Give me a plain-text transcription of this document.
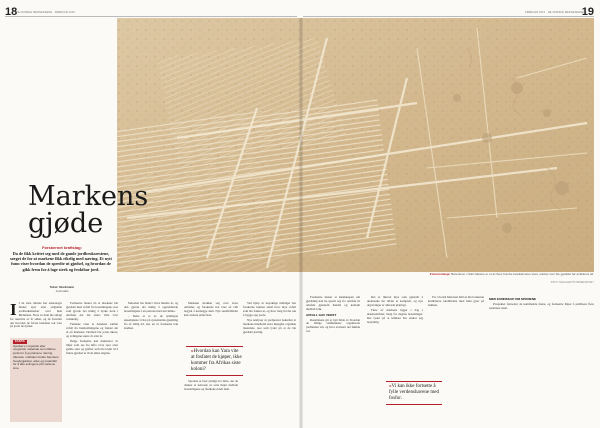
18	19
DE NORSKE MENNESKENE · FEBRUAR 2015	FEBRUAR 2015 · DE NORSKE MENNESKENE
Fotomontasje: Bare Eiver i Nubi-habene er et av flere hundre kvadratmeter store marker som ble gjødslet før antikkens tid.
FOTO: NASA EARTH OBSERVATORY
Markens
gjøde
Forskernet kraftslag:
Da de fikk kvittet seg med de gamle jordbruksrestene, sørget de for at markene fikk rikelig med næring. Et nytt funn viser hvordan de spredte ut gjødsel, og hvordan de gikk frem for å lage sterk og fruktbar jord.
Tekst: Nordmann
Journalist

I I de siste tiårene har arkeologer funnet spor etter eldgamle jordbruksmarker over hele Midtøsten. Flere av dem ble anlagt for tusenvis av år siden, og de forteller om hvordan de første bøndene tok vare på jorda de dyrket.

FAKTA
Gjødsel er organisk eller uorganisk materiale som tilføres jorda for å gi plantene næring. Allerede i oldtiden brukte bøndene husdyrgjødsel, aske og matavfall for å øke avlingene på markene sine.

Forskerne mener nå at markene ble gjødslet med avfall fra bosetningene, noe som gjorde det mulig å dyrke korn i områder der det ellers ville vært vanskelig.

Funnene viser at bøndene samlet avfall fra husholdningene og fraktet det ut på markene. Dermed ble jorda rikere, og avlingene større år etter år.

Ifølge forskerne kan mønsteret av linjer som ses fra lufta være spor etter gamle stier og grøfter som ble brukt til å frakte gjødsel ut til de ulike teigene.

Metoden ble brukt i flere hundre år, og den gjorde det mulig å opprettholde bosetningene i en periode med tørt klima.

– Dette er et av de tydeligste eksemplene vi har på systematisk gjødsling fra så tidlig tid, sier en av forskerne bak studien.

Markene strekker seg over store områder, og forskerne har bare så vidt begynt å kartlegge dem. Nye satellittbilder kan avsløre enda flere.

»Hvordan kan Yara vite at fosfatet de kjøper, ikke kommer fra Afrikas siste koloni?

Sporene er best synlige fra lufta, der de danner et nettverk av rette linjer mellom bosetningene og markene rundt dem.

Ved hjelp av nøyaktige målinger har forskerne kunnet anslå hvor mye avfall som ble fraktet ut, og hvor lang tid det tok å bygge opp jorda.

Nye analyser av jordprøver bekrefter at markene inneholdt store mengder organisk materiale, noe som tyder på at de ble gjødslet jevnlig.

Forskerne mener at kunnskapen om gjødsling kan ha spredt seg fra område til område gjennom handel og kontakt mellom folk.

AVFALL GAV VEKST

Resultatene gir et nytt bilde av hvordan de tidlige samfunnene organiserte jordbruket sitt, og hvor avansert det faktisk var.

Det er likevel mye som gjenstår å undersøke før bildet er komplett, og nye utgravinger er allerede planlagt.

Flere av markene ligger i dag i ørkenområder, langt fra dagens bosetninger. Det tyder på at klimaet har endret seg betydelig.

«Vi kan ikke fortsette å fylle verdenshavene med fosfor.

For å forstå historien fullt ut må forskerne kombinere satellittdata med funn gjort på bakken.

MER KUNNSKAP OM SPORENE

Prosjektet fortsetter de kommende årene, og forskerne håper å publisere flere resultater snart.
